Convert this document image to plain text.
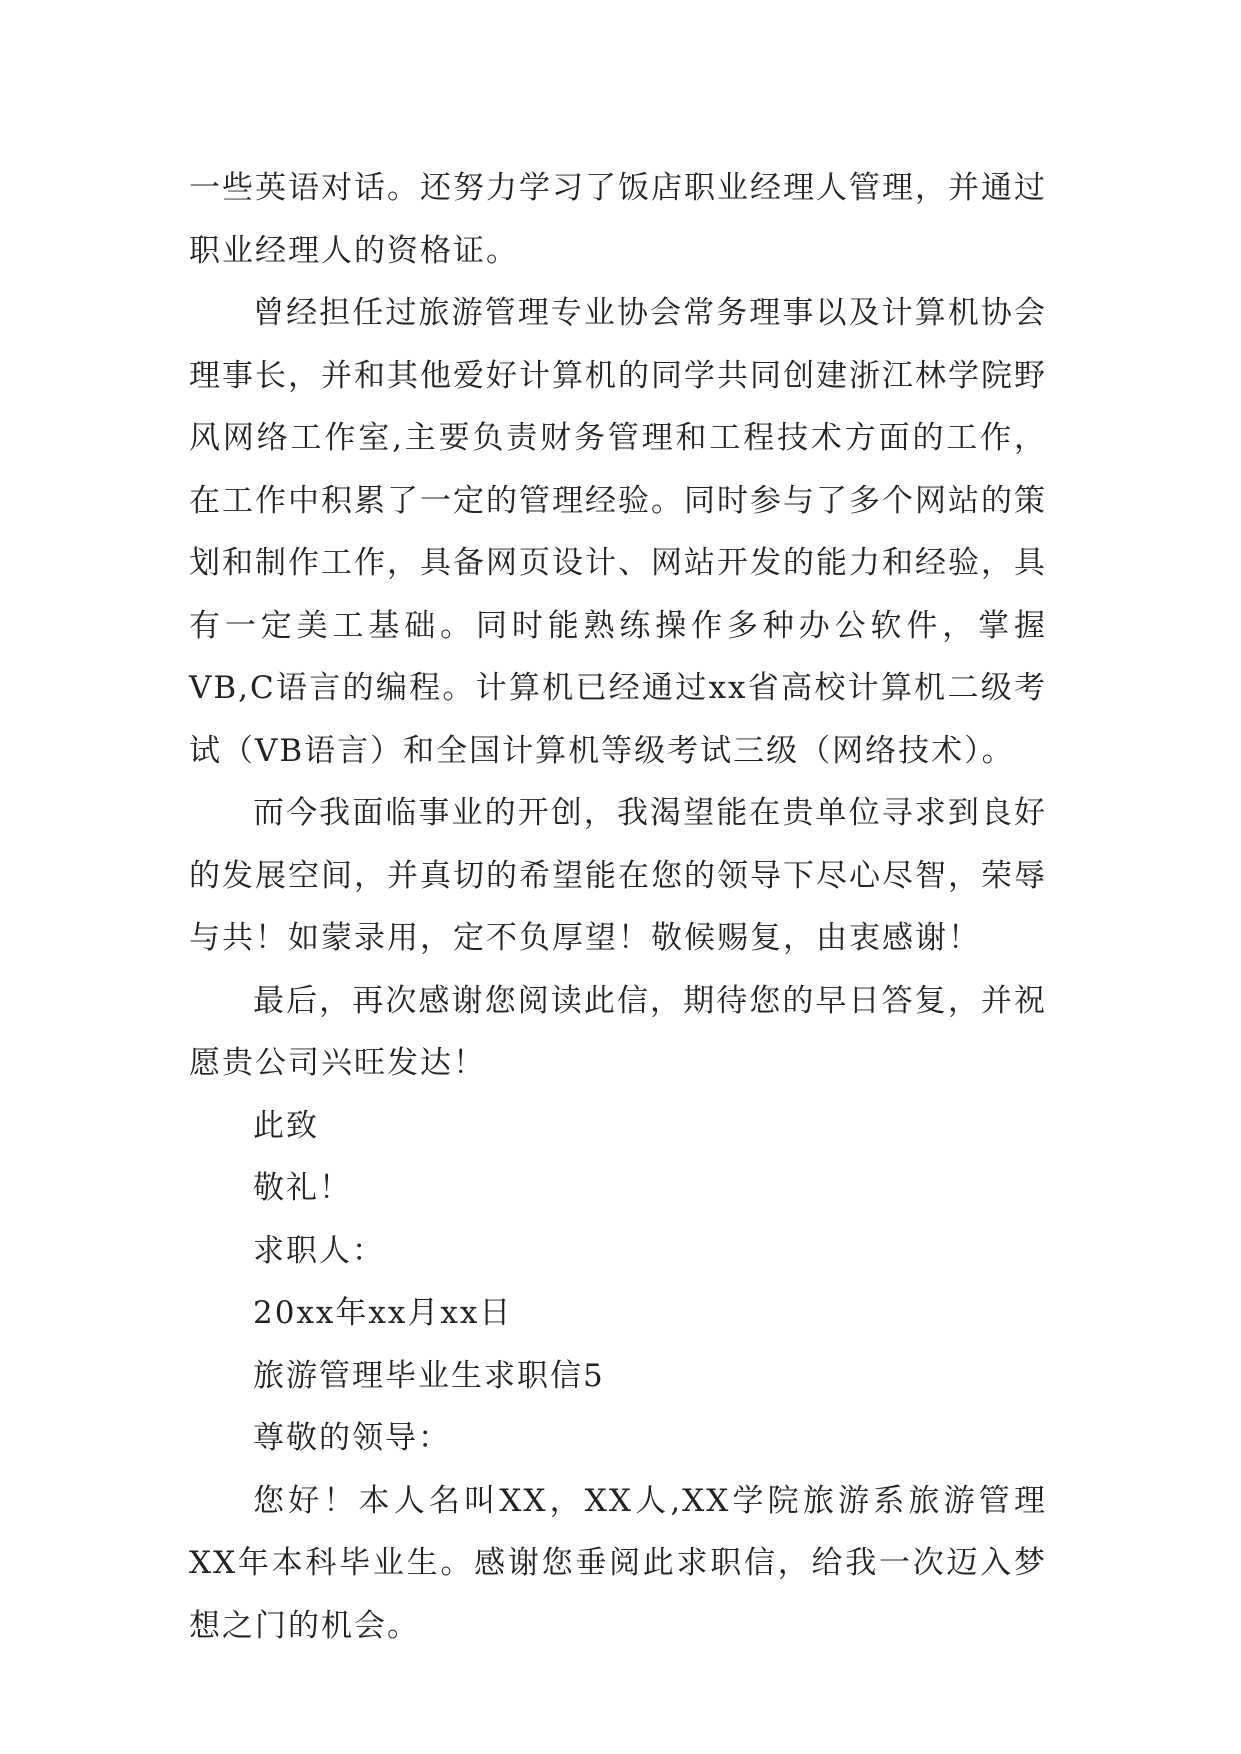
一些英语对话。还努力学习了饭店职业经理人管理，并通过职业经理人的资格证。

曾经担任过旅游管理专业协会常务理事以及计算机协会理事长，并和其他爱好计算机的同学共同创建浙江林学院野风网络工作室,主要负责财务管理和工程技术方面的工作，在工作中积累了一定的管理经验。同时参与了多个网站的策划和制作工作，具备网页设计、网站开发的能力和经验，具有一定美工基础。同时能熟练操作多种办公软件，掌握VB,C语言的编程。计算机已经通过xx省高校计算机二级考试（VB语言）和全国计算机等级考试三级（网络技术）。

而今我面临事业的开创，我渴望能在贵单位寻求到良好的发展空间，并真切的希望能在您的领导下尽心尽智，荣辱与共！如蒙录用，定不负厚望！敬候赐复，由衷感谢！

最后，再次感谢您阅读此信，期待您的早日答复，并祝愿贵公司兴旺发达！

此致

敬礼！

求职人：

20xx年xx月xx日

旅游管理毕业生求职信5

尊敬的领导：

您好！本人名叫XX，XX人,XX学院旅游系旅游管理XX年本科毕业生。感谢您垂阅此求职信，给我一次迈入梦想之门的机会。
